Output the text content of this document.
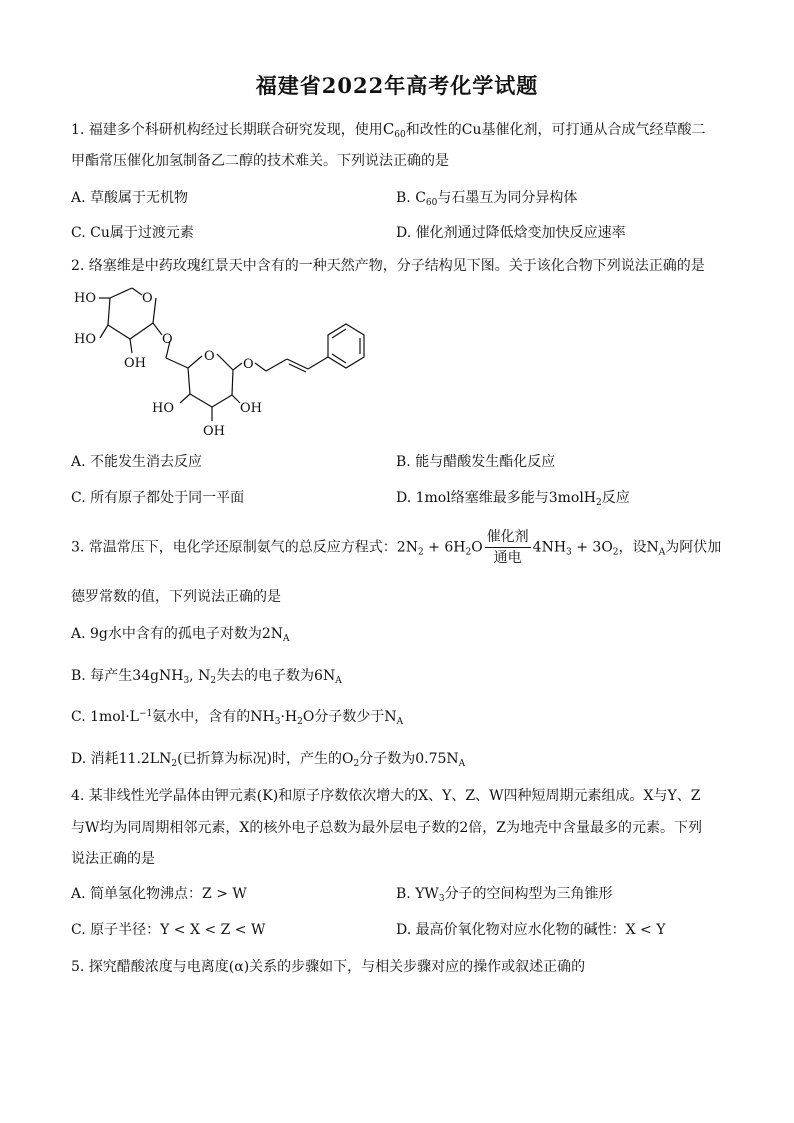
福建省2022年高考化学试题
1. 福建多个科研机构经过长期联合研究发现，使用$C_{60}$和改性的Cu基催化剂，可打通从合成气经草酸二
甲酯常压催化加氢制备乙二醇的技术难关。下列说法正确的是
A. 草酸属于无机物	B. $C_{60}$与石墨互为同分异构体
C. Cu属于过渡元素	D. 催化剂通过降低焓变加快反应速率
2. 络塞维是中药玫瑰红景天中含有的一种天然产物，分子结构见下图。关于该化合物下列说法正确的是
HO	O
HO
OH
O
O
O
HO	OH
OH
A. 不能发生消去反应	B. 能与醋酸发生酯化反应
C. 所有原子都处于同一平面	D. 1mol络塞维最多能与3molH$_2$反应
3. 常温常压下，电化学还原制氨气的总反应方程式：$2N_2 + 6H_2O \frac{\text{催化剂}}{\text{通电}} 4NH_3 + 3O_2$，设$N_A$为阿伏加
德罗常数的值，下列说法正确的是
A. 9g水中含有的孤电子对数为$2N_A$
B. 每产生34gNH$_3$, $N_2$失去的电子数为$6N_A$
C. $1mol\cdot L^{-1}$氨水中，含有的$NH_3\cdot H_2O$分子数少于$N_A$
D. 消耗$11.2LN_2$(已折算为标况)时，产生的$O_2$分子数为$0.75N_A$
4. 某非线性光学晶体由钾元素(K)和原子序数依次增大的X、Y、Z、W四种短周期元素组成。X与Y、Z
与W均为同周期相邻元素，X的核外电子总数为最外层电子数的2倍，Z为地壳中含量最多的元素。下列
说法正确的是
A. 简单氢化物沸点：Z > W	B. $YW_3$分子的空间构型为三角锥形
C. 原子半径：Y < X < Z < W	D. 最高价氧化物对应水化物的碱性：X < Y
5. 探究醋酸浓度与电离度(α)关系的步骤如下，与相关步骤对应的操作或叙述正确的
